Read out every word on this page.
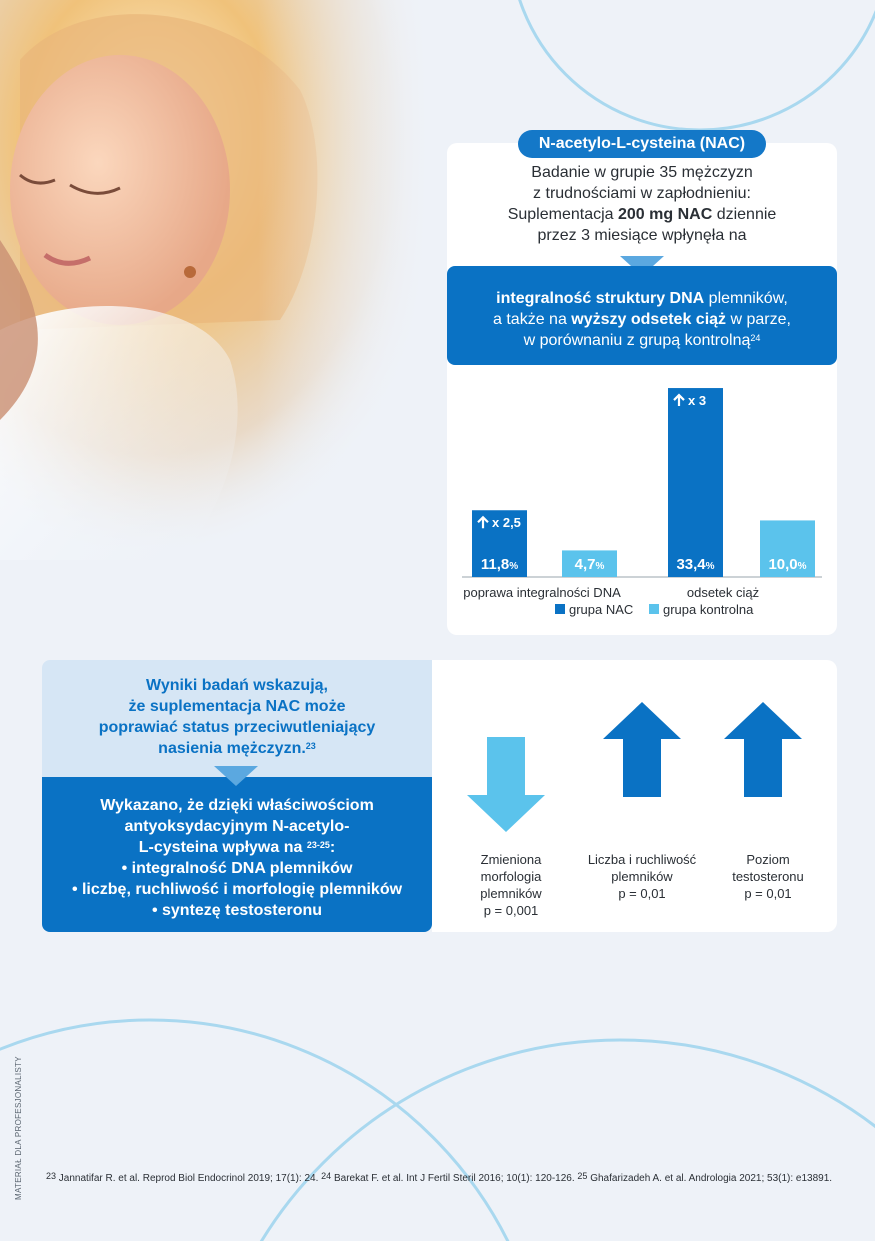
N-acetylo-L-cysteina (NAC)
Badanie w grupie 35 mężczyzn
z trudnościami w zapłodnieniu:
Suplementacja 200 mg NAC dziennie
przez 3 miesiące wpłynęła na
integralność struktury DNA plemników,
a także na wyższy odsetek ciąż w parze,
w porównaniu z grupą kontrolną$^{24}$
11,8%
x 2,5
33,4%
x 3
4,7%	10,0%
poprawa integralności DNA	odsetek ciąż
grupa NAC grupa kontrolna
Wyniki badań wskazują,
że suplementacja NAC może
poprawiać status przeciwutleniający
nasienia mężczyzn.$^{23}$
Wykazano, że dzięki właściwościom
antyoksydacyjnym N-acetylo-
L-cysteina wpływa na $^{23-25}$:
• integralność DNA plemników
• liczbę, ruchliwość i morfologię plemników
• syntezę testosteronu
Zmieniona
morfologia
plemników
p = 0,001
Liczba i ruchliwość
plemników
p = 0,01
Poziom
testosteronu
p = 0,01
$^{23}$ Jannatifar R. et al. Reprod Biol Endocrinol 2019; 17(1): 24. $^{24}$ Barekat F. et al. Int J Fertil Steril 2016; 10(1): 120-126. $^{25}$ Ghafarizadeh A. et al. Andrologia 2021; 53(1): e13891.
MATERIAŁ DLA PROFESJONALISTY
